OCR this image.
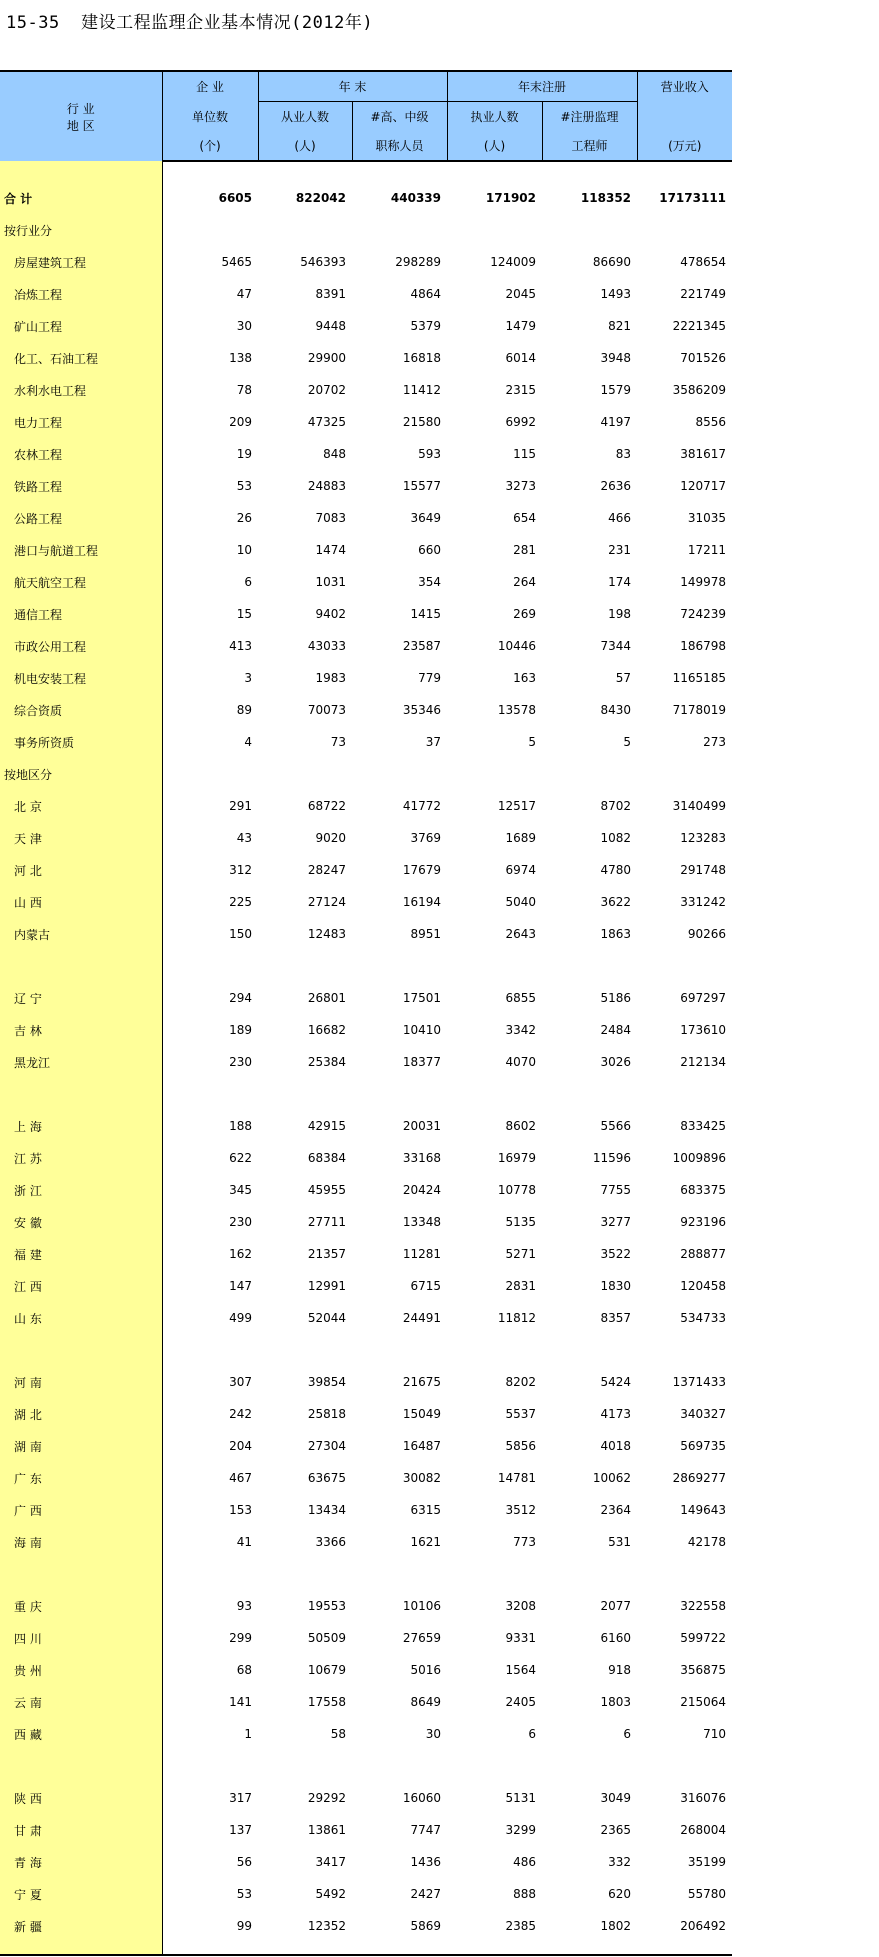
15-35  建设工程监理企业基本情况(2012年)
行 业
地 区	企 业	年 末		年末注册		营业收入
	单位数	从业人数	#高、中级	执业人数	#注册监理	
	(个)	(人)	职称人员	(人)	工程师	(万元)

合 计	6605	822042	440339	171902	118352	17173111
按行业分						
房屋建筑工程	5465	546393	298289	124009	86690	478654
冶炼工程	47	8391	4864	2045	1493	221749
矿山工程	30	9448	5379	1479	821	2221345
化工、石油工程	138	29900	16818	6014	3948	701526
水利水电工程	78	20702	11412	2315	1579	3586209
电力工程	209	47325	21580	6992	4197	8556
农林工程	19	848	593	115	83	381617
铁路工程	53	24883	15577	3273	2636	120717
公路工程	26	7083	3649	654	466	31035
港口与航道工程	10	1474	660	281	231	17211
航天航空工程	6	1031	354	264	174	149978
通信工程	15	9402	1415	269	198	724239
市政公用工程	413	43033	23587	10446	7344	186798
机电安装工程	3	1983	779	163	57	1165185
综合资质	89	70073	35346	13578	8430	7178019
事务所资质	4	73	37	5	5	273
按地区分						
北 京	291	68722	41772	12517	8702	3140499
天 津	43	9020	3769	1689	1082	123283
河 北	312	28247	17679	6974	4780	291748
山 西	225	27124	16194	5040	3622	331242
内蒙古	150	12483	8951	2643	1863	90266

辽 宁	294	26801	17501	6855	5186	697297
吉 林	189	16682	10410	3342	2484	173610
黑龙江	230	25384	18377	4070	3026	212134

上 海	188	42915	20031	8602	5566	833425
江 苏	622	68384	33168	16979	11596	1009896
浙 江	345	45955	20424	10778	7755	683375
安 徽	230	27711	13348	5135	3277	923196
福 建	162	21357	11281	5271	3522	288877
江 西	147	12991	6715	2831	1830	120458
山 东	499	52044	24491	11812	8357	534733

河 南	307	39854	21675	8202	5424	1371433
湖 北	242	25818	15049	5537	4173	340327
湖 南	204	27304	16487	5856	4018	569735
广 东	467	63675	30082	14781	10062	2869277
广 西	153	13434	6315	3512	2364	149643
海 南	41	3366	1621	773	531	42178

重 庆	93	19553	10106	3208	2077	322558
四 川	299	50509	27659	9331	6160	599722
贵 州	68	10679	5016	1564	918	356875
云 南	141	17558	8649	2405	1803	215064
西 藏	1	58	30	6	6	710

陕 西	317	29292	16060	5131	3049	316076
甘 肃	137	13861	7747	3299	2365	268004
青 海	56	3417	1436	486	332	35199
宁 夏	53	5492	2427	888	620	55780
新 疆	99	12352	5869	2385	1802	206492
